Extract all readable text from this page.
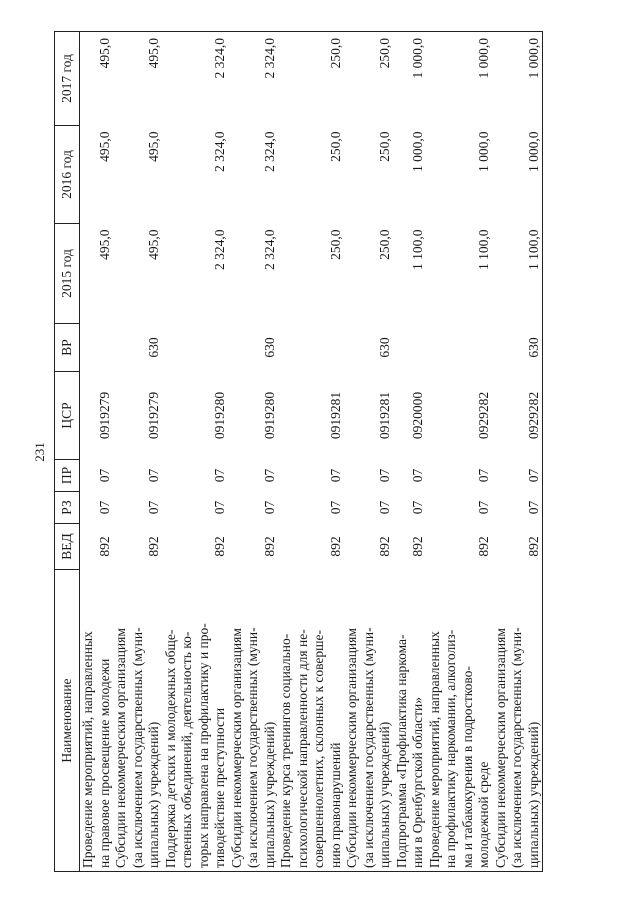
231
Наименование	ВЕД	РЗ	ПР	ЦСР	ВР	2015 год	2016 год	2017 год

Проведение мероприятий, направленных на правовое просвещение молодежи	892	07	07	0919279		495,0	495,0	495,0

Субсидии некоммерческим организациям (за исключением государственных (муни- ципальных) учреждений)	892	07	07	0919279	630	495,0	495,0	495,0

Поддержка детских и молодежных обще- ственных объединений, деятельность ко- торых направлена на профилактику и про- тиводействие преступности	892	07	07	0919280		2 324,0	2 324,0	2 324,0

Субсидии некоммерческим организациям (за исключением государственных (муни- ципальных) учреждений)	892	07	07	0919280	630	2 324,0	2 324,0	2 324,0

Проведение курса тренингов социально- психологической направленности для не- совершеннолетних, склонных к соверше- нию правонарушений	892	07	07	0919281		250,0	250,0	250,0

Субсидии некоммерческим организациям (за исключением государственных (муни- ципальных) учреждений)	892	07	07	0919281	630	250,0	250,0	250,0

Подпрограмма «Профилактика наркома- нии в Оренбургской области»	892	07	07	0920000		1 100,0	1 000,0	1 000,0

Проведение мероприятий, направленных на профилактику наркомании, алкоголиз- ма и табакокурения в подростково- молодежной среде	892	07	07	0929282		1 100,0	1 000,0	1 000,0

Субсидии некоммерческим организациям (за исключением государственных (муни- ципальных) учреждений)	892	07	07	0929282	630	1 100,0	1 000,0	1 000,0
